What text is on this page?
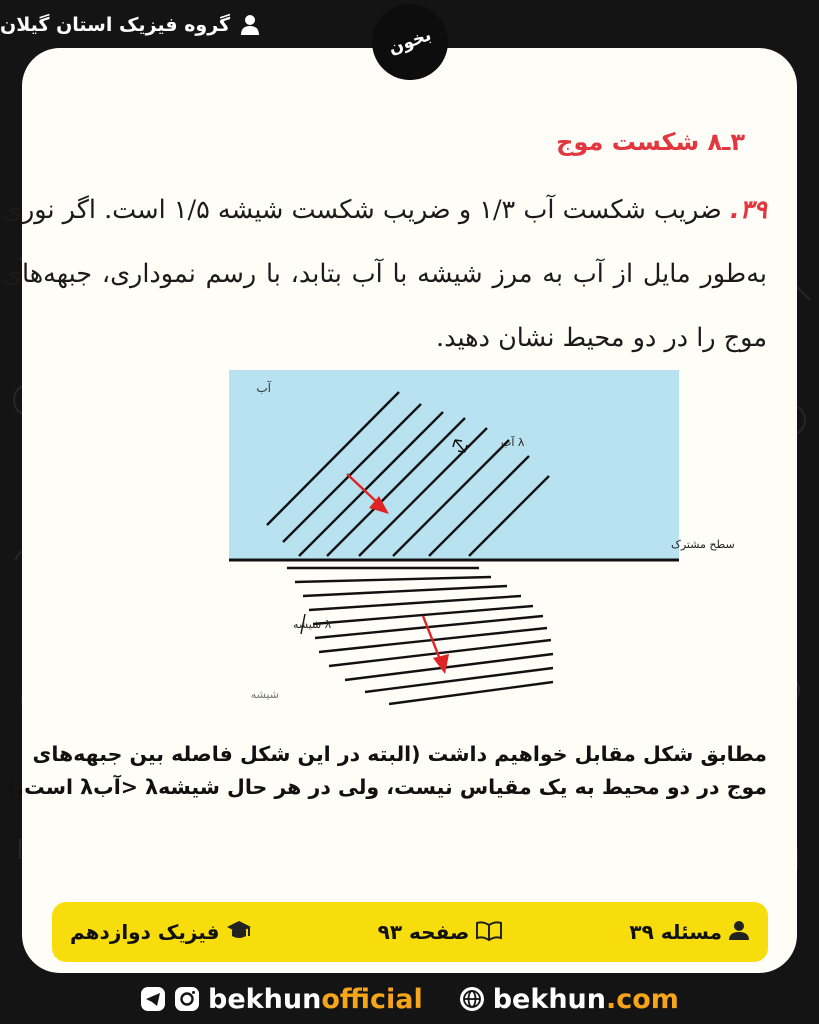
گروه فیزیک استان گیلان
۳ـ۸ شکست موج
۳۹. ضریب شکست آب ۱/۳ و ضریب شکست شیشه ۱/۵ است. اگر نوری به‌طور مایل از آب به مرز شیشه با آب بتابد، با رسم نموداری، جبهه‌های موج را در دو محیط نشان دهید.
آب
سطح مشترک
λ آب
λ شیشه
شیشه
مطابق شکل مقابل خواهیم داشت (البته در این شکل فاصله بین جبهه‌های موج در دو محیط به یک مقیاس نیست، ولی در هر حال شیشهλ <آبλ است.)
بخون
فیزیک دوازدهم	صفحه ۹۳	مسئله ۳۹
bekhunofficial	bekhun.com
